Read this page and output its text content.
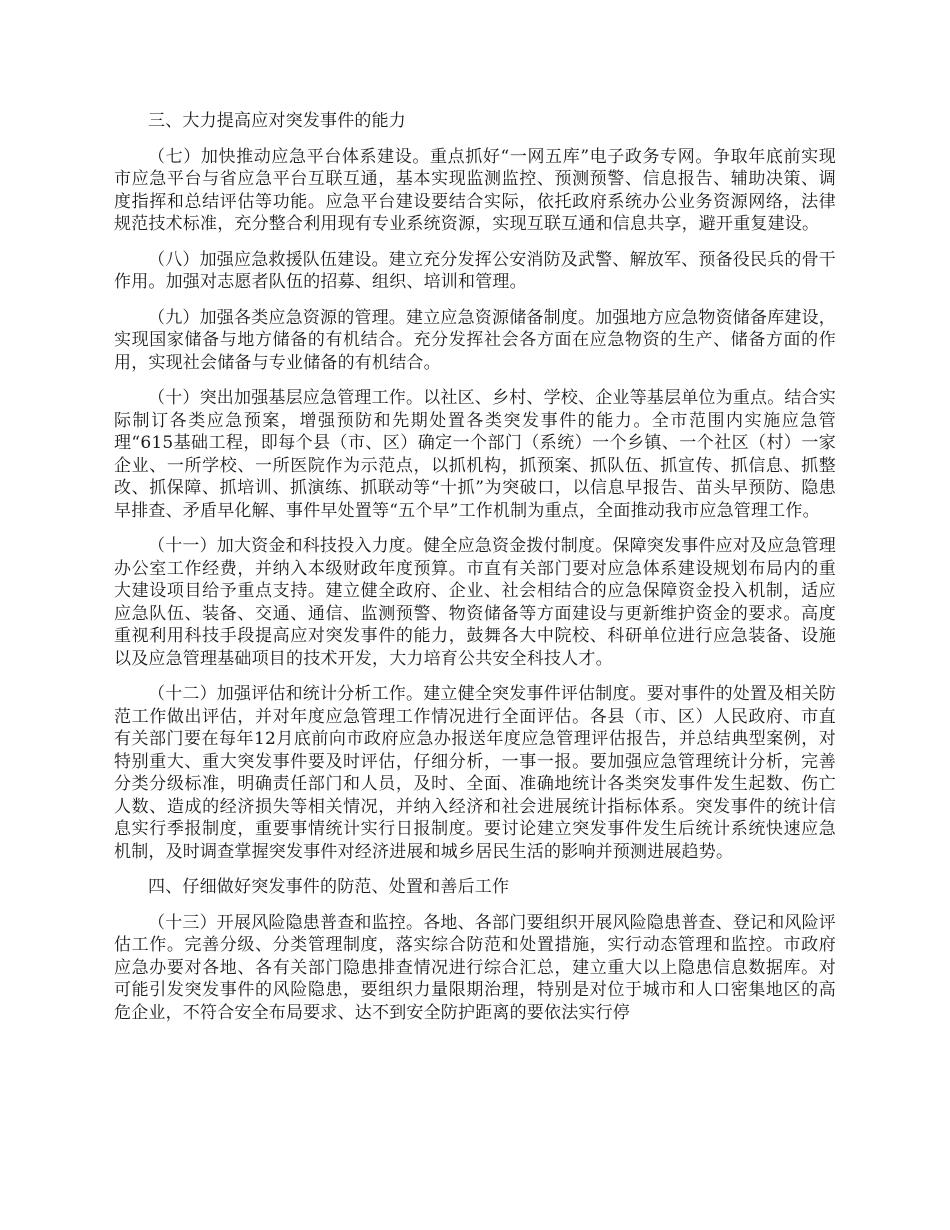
三、大力提高应对突发事件的能力

（七）加快推动应急平台体系建设。重点抓好“一网五库”电子政务专网。争取年底前实现市应急平台与省应急平台互联互通，基本实现监测监控、预测预警、信息报告、辅助决策、调度指挥和总结评估等功能。应急平台建设要结合实际，依托政府系统办公业务资源网络，法律规范技术标准，充分整合利用现有专业系统资源，实现互联互通和信息共享，避开重复建设。

（八）加强应急救援队伍建设。建立充分发挥公安消防及武警、解放军、预备役民兵的骨干作用。加强对志愿者队伍的招募、组织、培训和管理。

（九）加强各类应急资源的管理。建立应急资源储备制度。加强地方应急物资储备库建设，实现国家储备与地方储备的有机结合。充分发挥社会各方面在应急物资的生产、储备方面的作用，实现社会储备与专业储备的有机结合。

（十）突出加强基层应急管理工作。以社区、乡村、学校、企业等基层单位为重点。结合实际制订各类应急预案，增强预防和先期处置各类突发事件的能力。全市范围内实施应急管理“615基础工程，即每个县（市、区）确定一个部门（系统）一个乡镇、一个社区（村）一家企业、一所学校、一所医院作为示范点，以抓机构，抓预案、抓队伍、抓宣传、抓信息、抓整改、抓保障、抓培训、抓演练、抓联动等“十抓”为突破口，以信息早报告、苗头早预防、隐患早排查、矛盾早化解、事件早处置等“五个早”工作机制为重点，全面推动我市应急管理工作。

（十一）加大资金和科技投入力度。健全应急资金拨付制度。保障突发事件应对及应急管理办公室工作经费，并纳入本级财政年度预算。市直有关部门要对应急体系建设规划布局内的重大建设项目给予重点支持。建立健全政府、企业、社会相结合的应急保障资金投入机制，适应应急队伍、装备、交通、通信、监测预警、物资储备等方面建设与更新维护资金的要求。高度重视利用科技手段提高应对突发事件的能力，鼓舞各大中院校、科研单位进行应急装备、设施以及应急管理基础项目的技术开发，大力培育公共安全科技人才。

（十二）加强评估和统计分析工作。建立健全突发事件评估制度。要对事件的处置及相关防范工作做出评估，并对年度应急管理工作情况进行全面评估。各县（市、区）人民政府、市直有关部门要在每年12月底前向市政府应急办报送年度应急管理评估报告，并总结典型案例，对特别重大、重大突发事件要及时评估，仔细分析，一事一报。要加强应急管理统计分析，完善分类分级标准，明确责任部门和人员，及时、全面、准确地统计各类突发事件发生起数、伤亡人数、造成的经济损失等相关情况，并纳入经济和社会进展统计指标体系。突发事件的统计信息实行季报制度，重要事情统计实行日报制度。要讨论建立突发事件发生后统计系统快速应急机制，及时调查掌握突发事件对经济进展和城乡居民生活的影响并预测进展趋势。

四、仔细做好突发事件的防范、处置和善后工作

（十三）开展风险隐患普查和监控。各地、各部门要组织开展风险隐患普查、登记和风险评估工作。完善分级、分类管理制度，落实综合防范和处置措施，实行动态管理和监控。市政府应急办要对各地、各有关部门隐患排查情况进行综合汇总，建立重大以上隐患信息数据库。对可能引发突发事件的风险隐患，要组织力量限期治理，特别是对位于城市和人口密集地区的高危企业，不符合安全布局要求、达不到安全防护距离的要依法实行停
